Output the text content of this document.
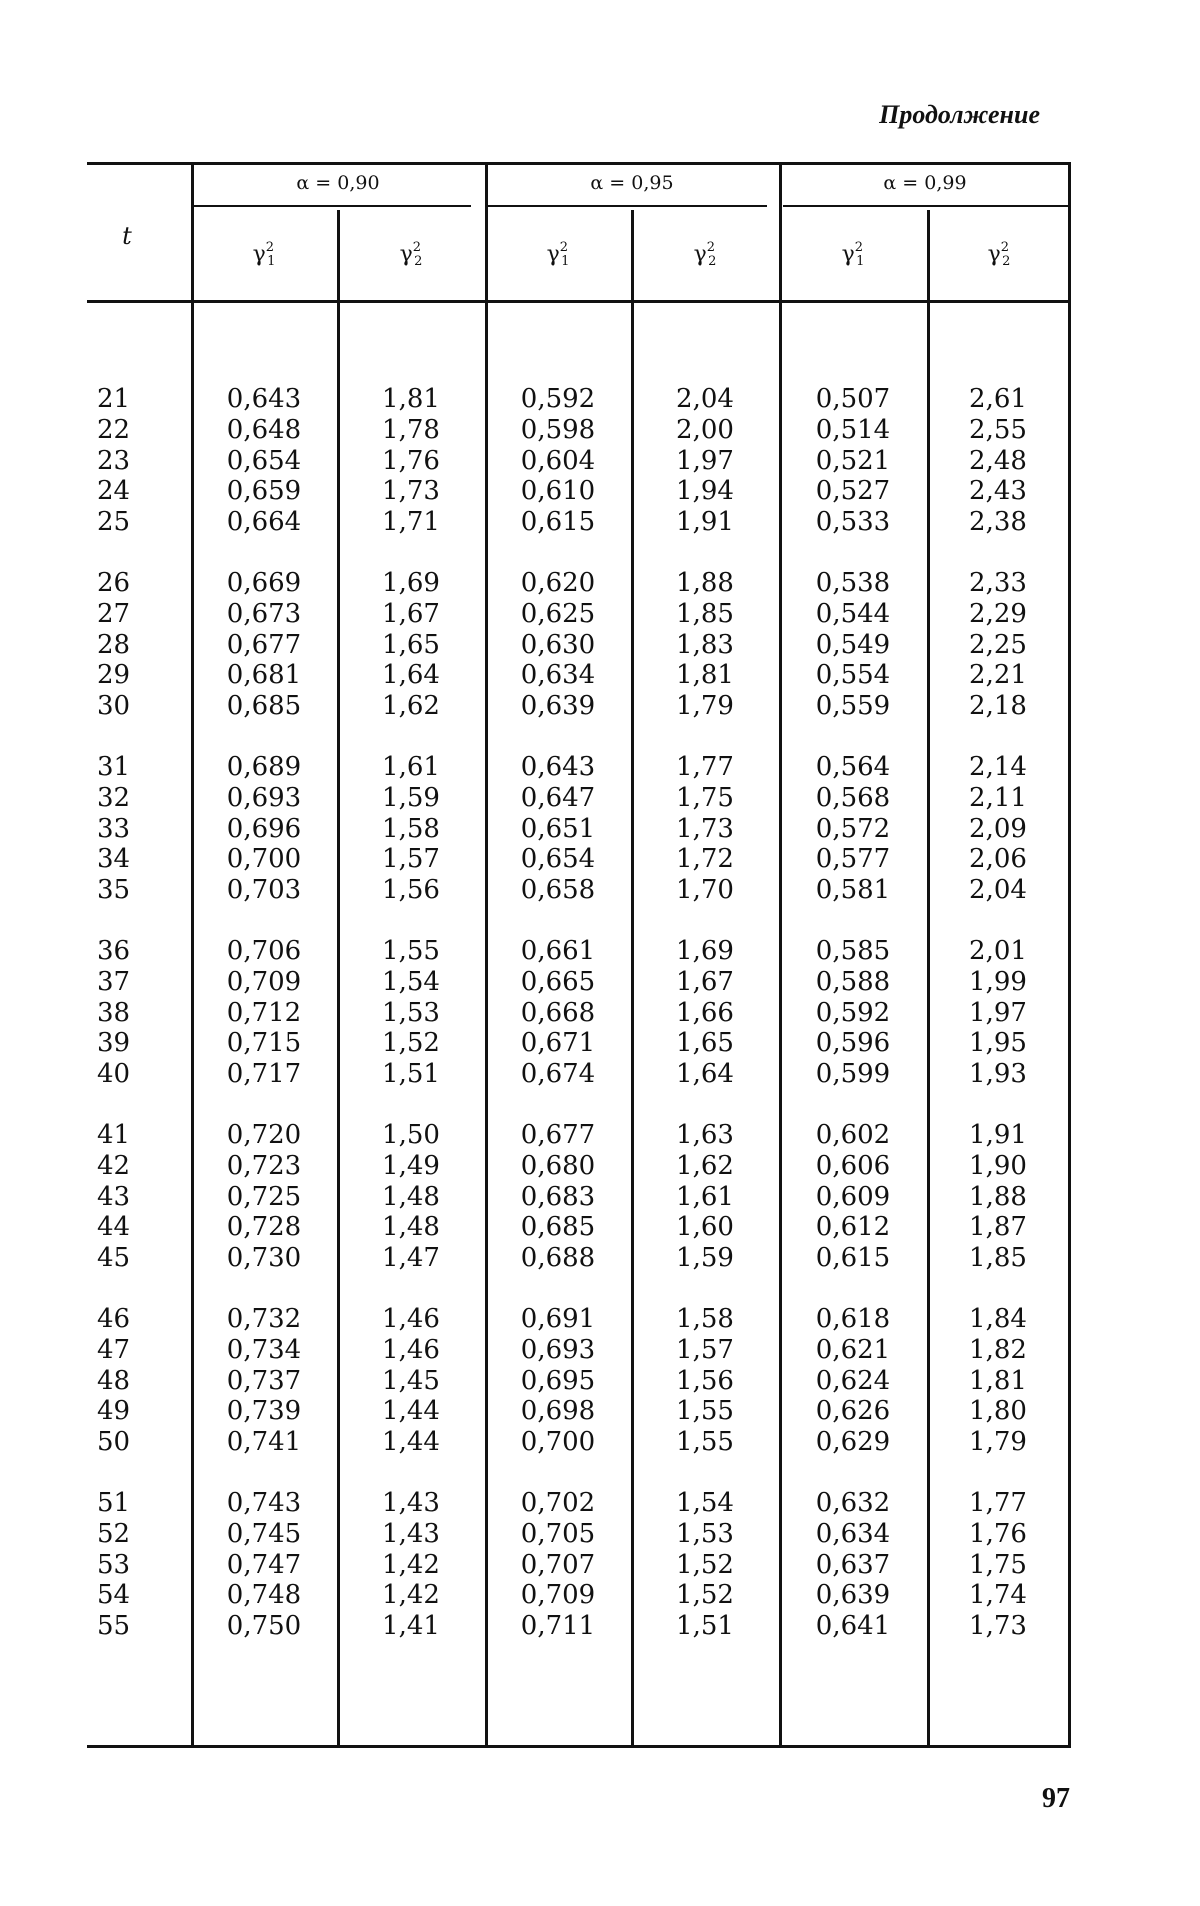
Продолжение
t
α = 0,90	α = 0,95	α = 0,99
$\gamma^2_1$	$\gamma^2_2$	$\gamma^2_1$	$\gamma^2_2$	$\gamma^2_1$	$\gamma^2_2$
21	0,643	1,81	0,592	2,04	0,507	2,61
22	0,648	1,78	0,598	2,00	0,514	2,55
23	0,654	1,76	0,604	1,97	0,521	2,48
24	0,659	1,73	0,610	1,94	0,527	2,43
25	0,664	1,71	0,615	1,91	0,533	2,38
26	0,669	1,69	0,620	1,88	0,538	2,33
27	0,673	1,67	0,625	1,85	0,544	2,29
28	0,677	1,65	0,630	1,83	0,549	2,25
29	0,681	1,64	0,634	1,81	0,554	2,21
30	0,685	1,62	0,639	1,79	0,559	2,18
31	0,689	1,61	0,643	1,77	0,564	2,14
32	0,693	1,59	0,647	1,75	0,568	2,11
33	0,696	1,58	0,651	1,73	0,572	2,09
34	0,700	1,57	0,654	1,72	0,577	2,06
35	0,703	1,56	0,658	1,70	0,581	2,04
36	0,706	1,55	0,661	1,69	0,585	2,01
37	0,709	1,54	0,665	1,67	0,588	1,99
38	0,712	1,53	0,668	1,66	0,592	1,97
39	0,715	1,52	0,671	1,65	0,596	1,95
40	0,717	1,51	0,674	1,64	0,599	1,93
41	0,720	1,50	0,677	1,63	0,602	1,91
42	0,723	1,49	0,680	1,62	0,606	1,90
43	0,725	1,48	0,683	1,61	0,609	1,88
44	0,728	1,48	0,685	1,60	0,612	1,87
45	0,730	1,47	0,688	1,59	0,615	1,85
46	0,732	1,46	0,691	1,58	0,618	1,84
47	0,734	1,46	0,693	1,57	0,621	1,82
48	0,737	1,45	0,695	1,56	0,624	1,81
49	0,739	1,44	0,698	1,55	0,626	1,80
50	0,741	1,44	0,700	1,55	0,629	1,79
51	0,743	1,43	0,702	1,54	0,632	1,77
52	0,745	1,43	0,705	1,53	0,634	1,76
53	0,747	1,42	0,707	1,52	0,637	1,75
54	0,748	1,42	0,709	1,52	0,639	1,74
55	0,750	1,41	0,711	1,51	0,641	1,73
97
